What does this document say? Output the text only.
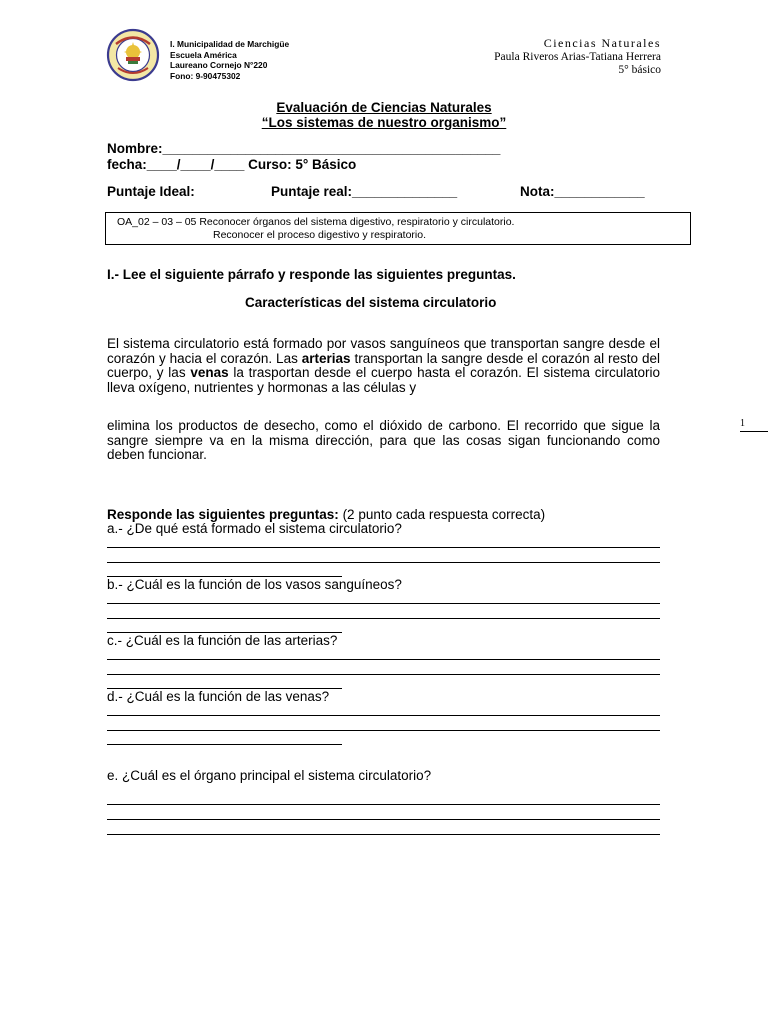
I. Municipalidad de Marchigüe
Escuela América
Laureano Cornejo N°220
Fono: 9-90475302
Ciencias Naturales
Paula Riveros Arias-Tatiana Herrera
5° básico
Evaluación de Ciencias Naturales
“Los sistemas de nuestro organismo”
Nombre:_____________________________________________
fecha:____/____/____ Curso: 5° Básico
Puntaje Ideal:	Puntaje real:______________	Nota:____________
OA_02 – 03 – 05 Reconocer órganos del sistema digestivo, respiratorio y circulatorio.
Reconocer el proceso digestivo y respiratorio.
I.- Lee el siguiente párrafo y responde las siguientes preguntas.
Características del sistema circulatorio
El sistema circulatorio está formado por vasos sanguíneos que transportan sangre desde el corazón y hacia el corazón. Las arterias transportan la sangre desde el corazón al resto del cuerpo, y las venas la trasportan desde el cuerpo hasta el corazón. El sistema circulatorio lleva oxígeno, nutrientes y hormonas a las células y
elimina los productos de desecho, como el dióxido de carbono. El recorrido que sigue la sangre siempre va en la misma dirección, para que las cosas sigan funcionando como deben funcionar.
1
Responde las siguientes preguntas: (2 punto cada respuesta correcta)
a.- ¿De qué está formado el sistema circulatorio?
b.- ¿Cuál es la función de los vasos sanguíneos?
c.- ¿Cuál es la función de las arterias?
d.- ¿Cuál es la función de las venas?
e. ¿Cuál es el órgano principal el sistema circulatorio?
